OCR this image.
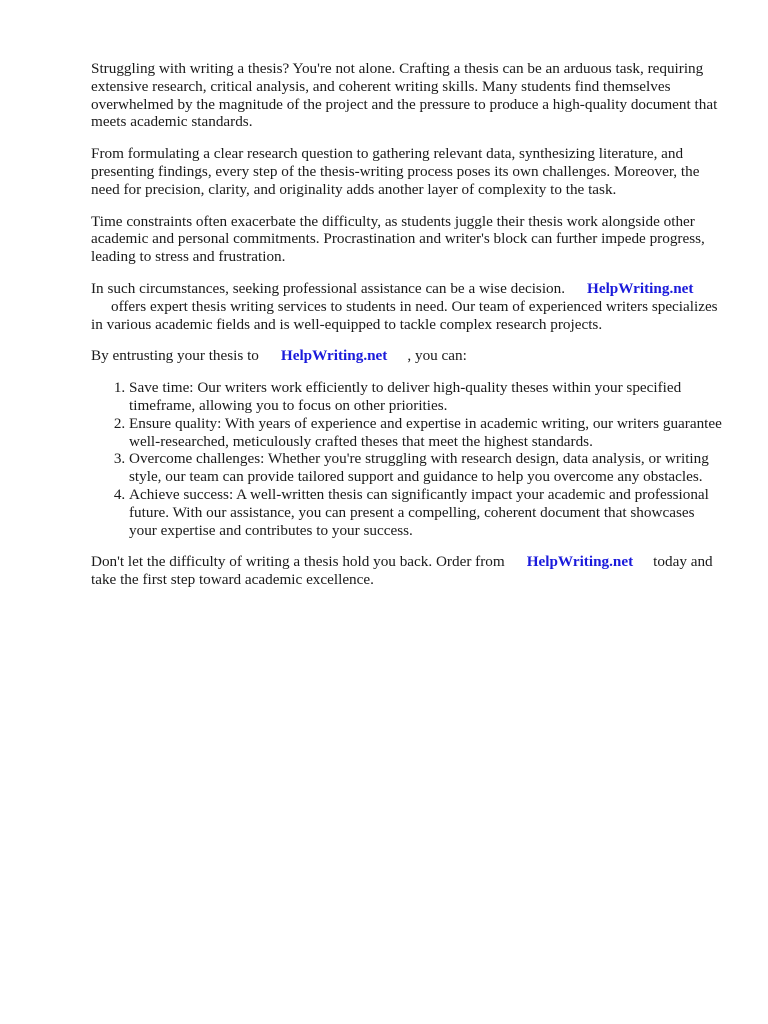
Struggling with writing a thesis? You're not alone. Crafting a thesis can be an arduous task, requiring extensive research, critical analysis, and coherent writing skills. Many students find themselves overwhelmed by the magnitude of the project and the pressure to produce a high-quality document that meets academic standards.

From formulating a clear research question to gathering relevant data, synthesizing literature, and presenting findings, every step of the thesis-writing process poses its own challenges. Moreover, the need for precision, clarity, and originality adds another layer of complexity to the task.

Time constraints often exacerbate the difficulty, as students juggle their thesis work alongside other academic and personal commitments. Procrastination and writer's block can further impede progress, leading to stress and frustration.

In such circumstances, seeking professional assistance can be a wise decision. HelpWriting.net
offers expert thesis writing services to students in need. Our team of experienced writers specializes in various academic fields and is well-equipped to tackle complex research projects.

By entrusting your thesis to HelpWriting.net , you can:

1. Save time: Our writers work efficiently to deliver high-quality theses within your specified timeframe, allowing you to focus on other priorities.
2. Ensure quality: With years of experience and expertise in academic writing, our writers guarantee well-researched, meticulously crafted theses that meet the highest standards.
3. Overcome challenges: Whether you're struggling with research design, data analysis, or writing style, our team can provide tailored support and guidance to help you overcome any obstacles.
4. Achieve success: A well-written thesis can significantly impact your academic and professional future. With our assistance, you can present a compelling, coherent document that showcases your expertise and contributes to your success.

Don't let the difficulty of writing a thesis hold you back. Order from HelpWriting.net today and take the first step toward academic excellence.
